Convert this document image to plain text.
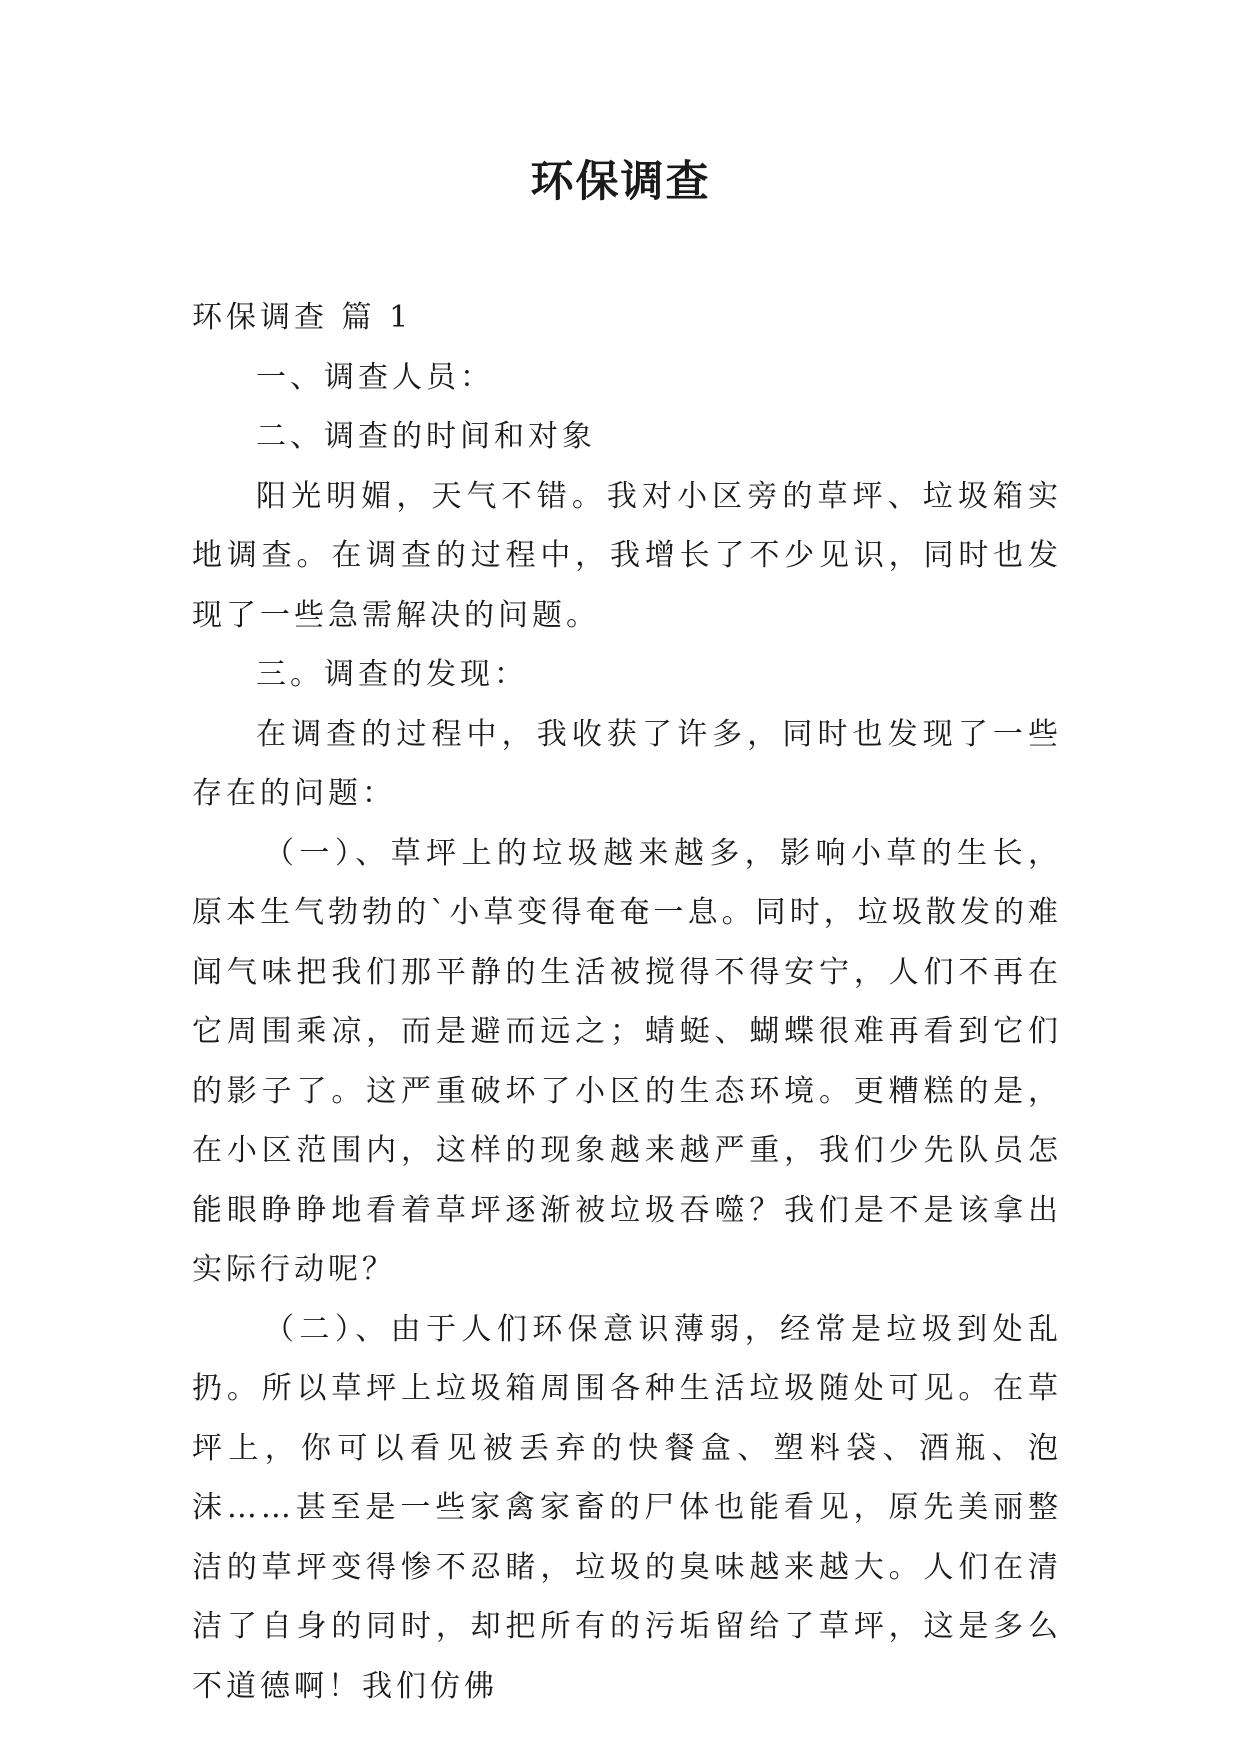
环保调查

环保调查 篇 1

一、调查人员：

二、调查的时间和对象

阳光明媚，天气不错。我对小区旁的草坪、垃圾箱实地调查。在调查的过程中，我增长了不少见识，同时也发现了一些急需解决的问题。

三。调查的发现：

在调查的过程中，我收获了许多，同时也发现了一些存在的问题：

（一）、草坪上的垃圾越来越多，影响小草的生长，原本生气勃勃的`小草变得奄奄一息。同时，垃圾散发的难闻气味把我们那平静的生活被搅得不得安宁，人们不再在它周围乘凉，而是避而远之；蜻蜓、蝴蝶很难再看到它们的影子了。这严重破坏了小区的生态环境。更糟糕的是，在小区范围内，这样的现象越来越严重，我们少先队员怎能眼睁睁地看着草坪逐渐被垃圾吞噬？我们是不是该拿出实际行动呢？

（二）、由于人们环保意识薄弱，经常是垃圾到处乱扔。所以草坪上垃圾箱周围各种生活垃圾随处可见。在草坪上，你可以看见被丢弃的快餐盒、塑料袋、酒瓶、泡沫……甚至是一些家禽家畜的尸体也能看见，原先美丽整洁的草坪变得惨不忍睹，垃圾的臭味越来越大。人们在清洁了自身的同时，却把所有的污垢留给了草坪，这是多么不道德啊！我们仿佛
